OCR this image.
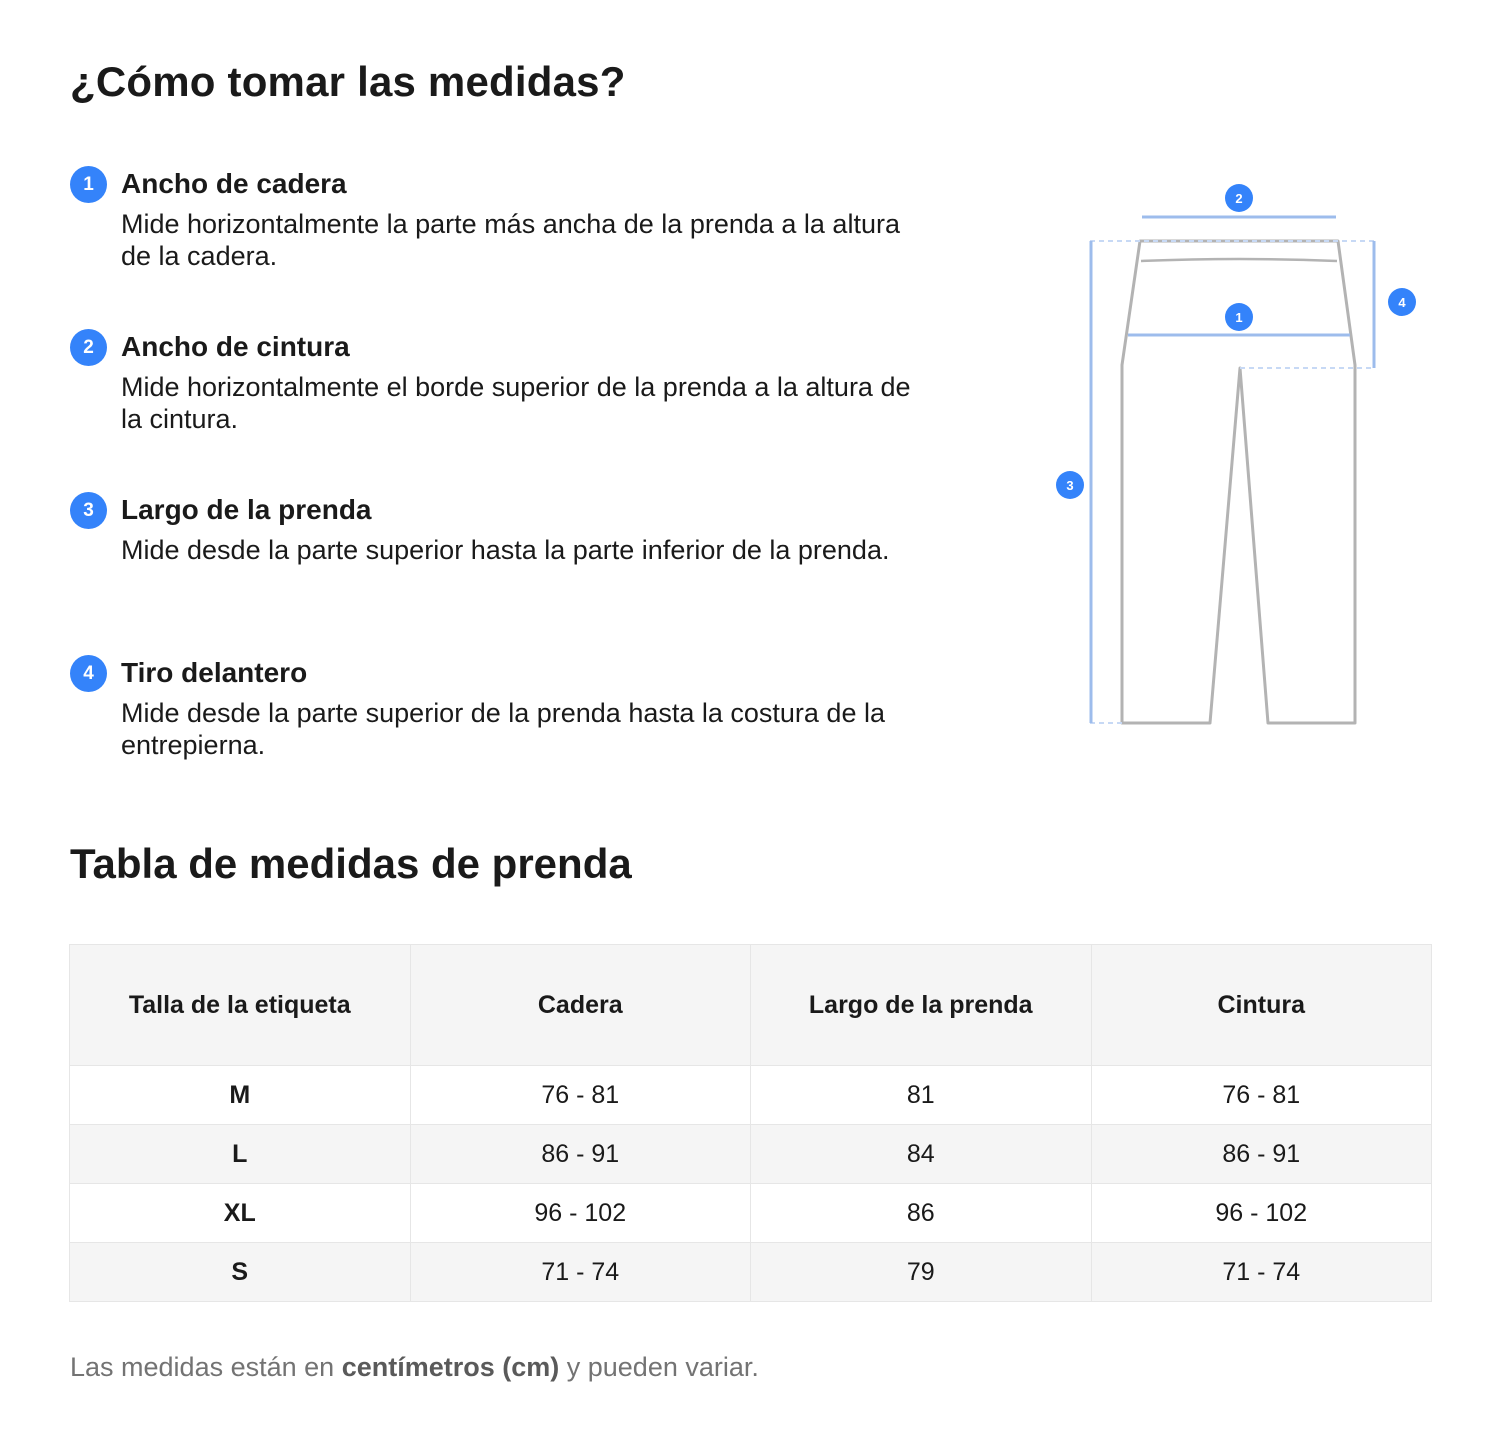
¿Cómo tomar las medidas?
1 Ancho de cadera
Mide horizontalmente la parte más ancha de la prenda a la altura de la cadera.
2 Ancho de cintura
Mide horizontalmente el borde superior de la prenda a la altura de la cintura.
3 Largo de la prenda
Mide desde la parte superior hasta la parte inferior de la prenda.
4 Tiro delantero
Mide desde la parte superior de la prenda hasta la costura de la entrepierna.
2
1
3
4
Tabla de medidas de prenda
Talla de la etiqueta	Cadera	Largo de la prenda	Cintura
M	76 - 81	81	76 - 81
L	86 - 91	84	86 - 91
XL	96 - 102	86	96 - 102
S	71 - 74	79	71 - 74
Las medidas están en centímetros (cm) y pueden variar.
